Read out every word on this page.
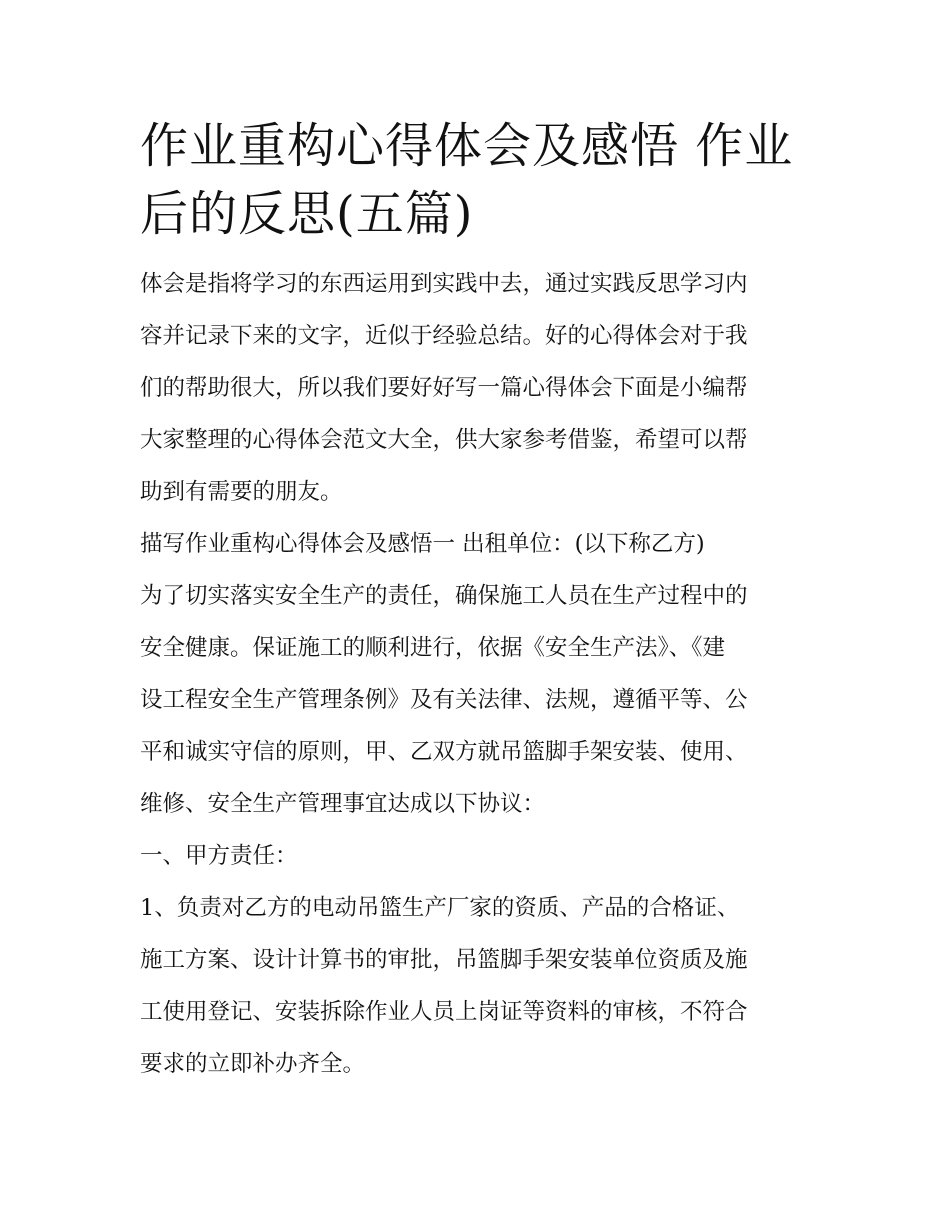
作业重构心得体会及感悟 作业
后的反思(五篇)

体会是指将学习的东西运用到实践中去，通过实践反思学习内
容并记录下来的文字，近似于经验总结。好的心得体会对于我
们的帮助很大，所以我们要好好写一篇心得体会下面是小编帮
大家整理的心得体会范文大全，供大家参考借鉴，希望可以帮
助到有需要的朋友。

描写作业重构心得体会及感悟一 出租单位：(以下称乙方)

为了切实落实安全生产的责任，确保施工人员在生产过程中的
安全健康。保证施工的顺利进行，依据《安全生产法》、《建
设工程安全生产管理条例》及有关法律、法规，遵循平等、公
平和诚实守信的原则，甲、乙双方就吊篮脚手架安装、使用、
维修、安全生产管理事宜达成以下协议：

一、甲方责任：

1、负责对乙方的电动吊篮生产厂家的资质、产品的合格证、
施工方案、设计计算书的审批，吊篮脚手架安装单位资质及施
工使用登记、安装拆除作业人员上岗证等资料的审核，不符合
要求的立即补办齐全。
